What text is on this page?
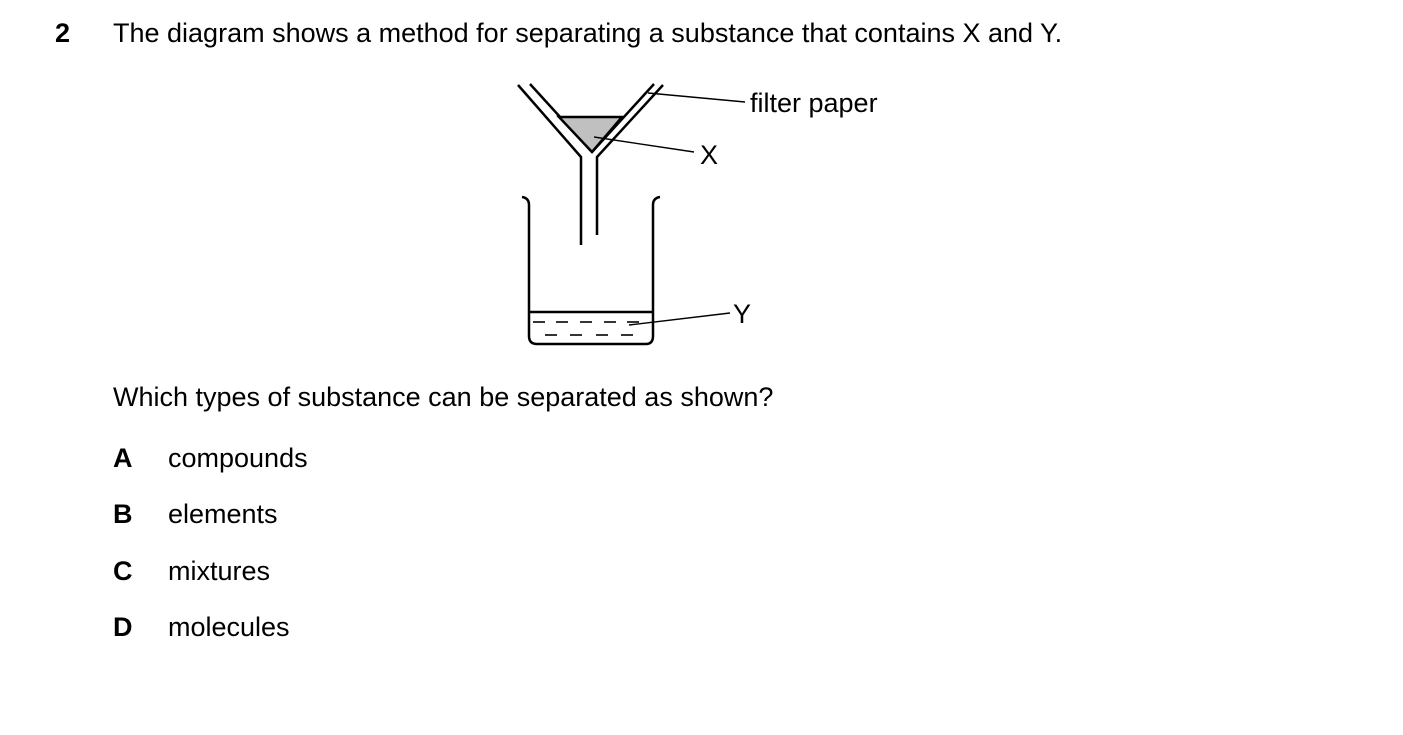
2 The diagram shows a method for separating a substance that contains X and Y.
filter paper
X
Y
Which types of substance can be separated as shown?
A compounds
B elements
C mixtures
D molecules
